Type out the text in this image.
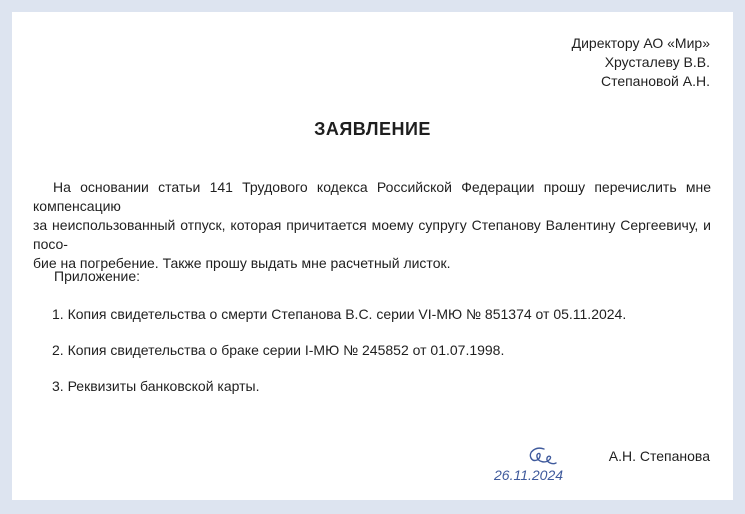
Директору АО «Мир»
Хрусталеву В.В.
Степановой А.Н.
ЗАЯВЛЕНИЕ
На основании статьи 141 Трудового кодекса Российской Федерации прошу перечислить мне компенсацию
за неиспользованный отпуск, которая причитается моему супругу Степанову Валентину Сергеевичу, и посо-
бие на погребение. Также прошу выдать мне расчетный листок.
Приложение:
1. Копия свидетельства о смерти Степанова В.С. серии VI-МЮ № 851374 от 05.11.2024.
2. Копия свидетельства о браке серии I-МЮ № 245852 от 01.07.1998.
3. Реквизиты банковской карты.
26.11.2024
А.Н. Степанова
